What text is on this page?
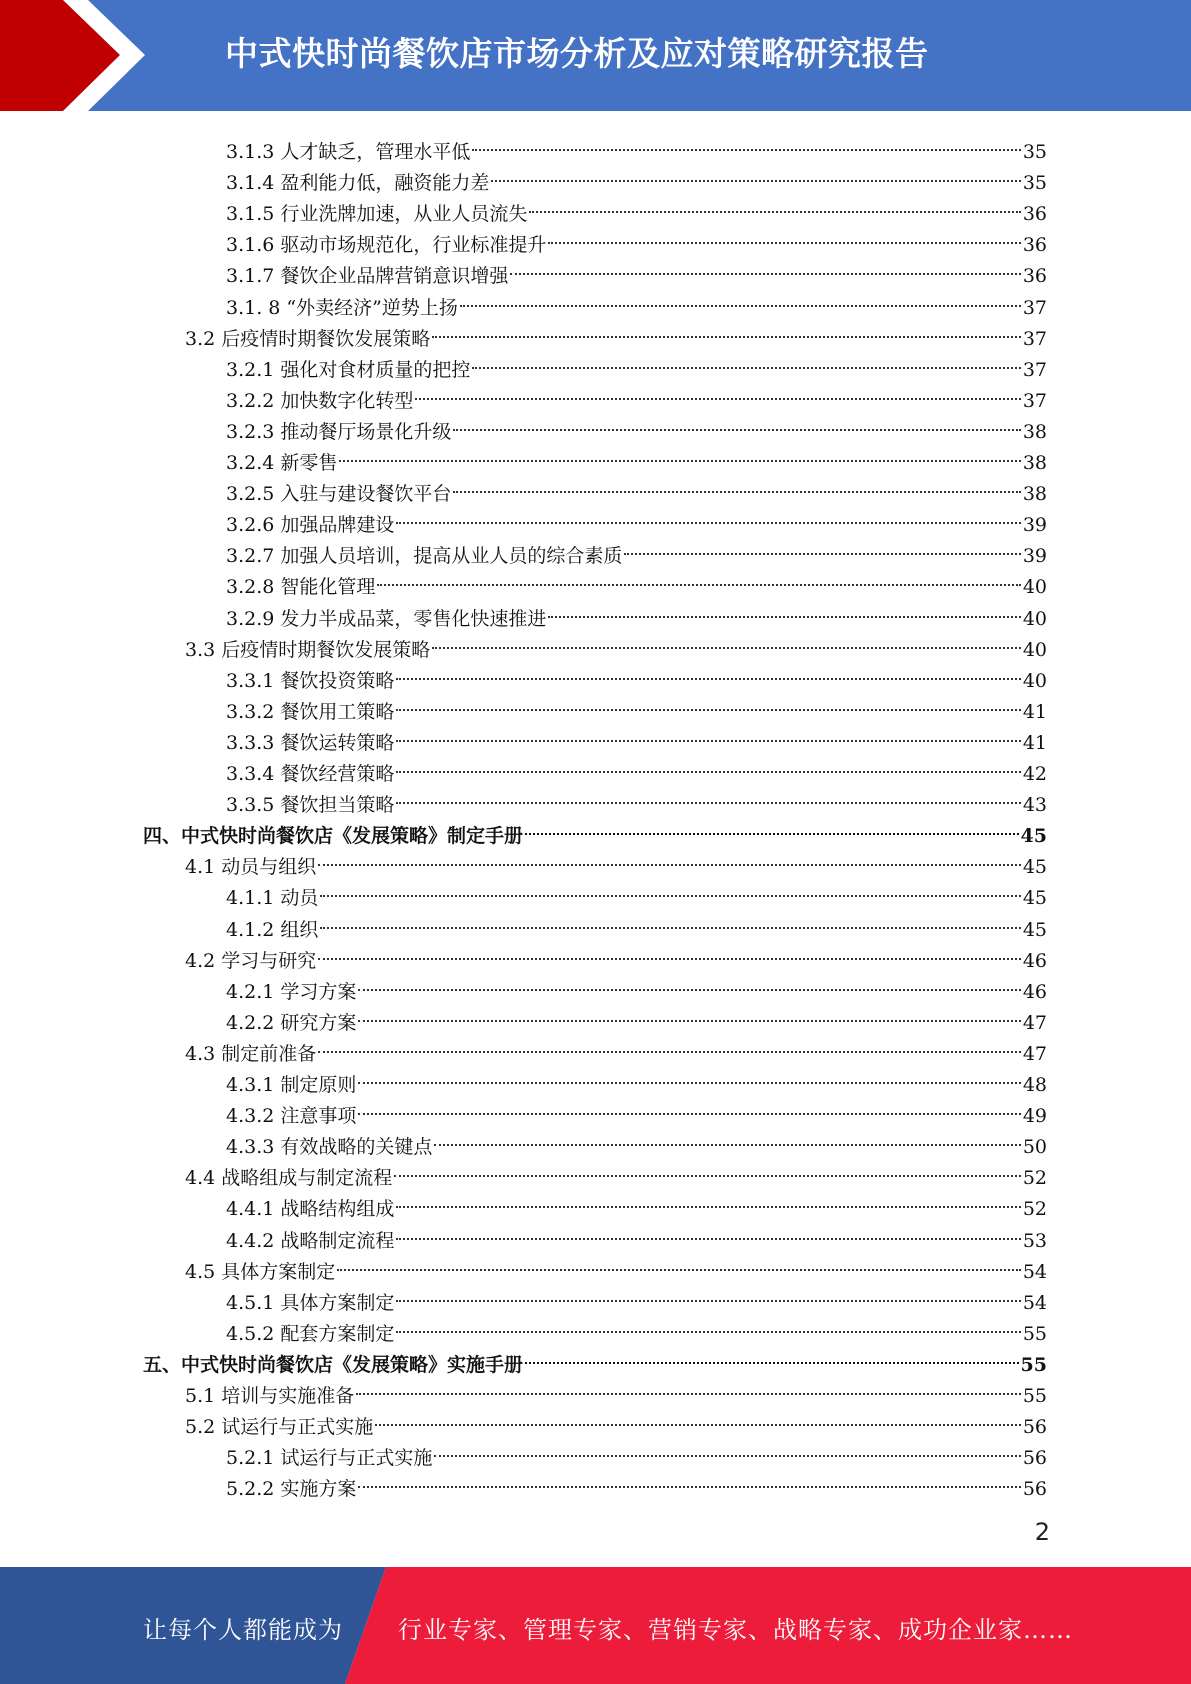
中式快时尚餐饮店市场分析及应对策略研究报告
3.1.3 人才缺乏，管理水平低	35
3.1.4 盈利能力低，融资能力差	35
3.1.5 行业洗牌加速，从业人员流失	36
3.1.6 驱动市场规范化，行业标准提升	36
3.1.7 餐饮企业品牌营销意识增强	36
3.1. 8 “外卖经济”逆势上扬	37
3.2 后疫情时期餐饮发展策略	37
3.2.1 强化对食材质量的把控	37
3.2.2 加快数字化转型	37
3.2.3 推动餐厅场景化升级	38
3.2.4 新零售	38
3.2.5 入驻与建设餐饮平台	38
3.2.6 加强品牌建设	39
3.2.7 加强人员培训，提高从业人员的综合素质	39
3.2.8 智能化管理	40
3.2.9 发力半成品菜，零售化快速推进	40
3.3 后疫情时期餐饮发展策略	40
3.3.1 餐饮投资策略	40
3.3.2 餐饮用工策略	41
3.3.3 餐饮运转策略	41
3.3.4 餐饮经营策略	42
3.3.5 餐饮担当策略	43
四、中式快时尚餐饮店《发展策略》制定手册	45
4.1 动员与组织	45
4.1.1 动员	45
4.1.2 组织	45
4.2 学习与研究	46
4.2.1 学习方案	46
4.2.2 研究方案	47
4.3 制定前准备	47
4.3.1 制定原则	48
4.3.2 注意事项	49
4.3.3 有效战略的关键点	50
4.4 战略组成与制定流程	52
4.4.1 战略结构组成	52
4.4.2 战略制定流程	53
4.5 具体方案制定	54
4.5.1 具体方案制定	54
4.5.2 配套方案制定	55
五、中式快时尚餐饮店《发展策略》实施手册	55
5.1 培训与实施准备	55
5.2 试运行与正式实施	56
5.2.1 试运行与正式实施	56
5.2.2 实施方案	56
2
让每个人都能成为 行业专家、管理专家、营销专家、战略专家、成功企业家……
